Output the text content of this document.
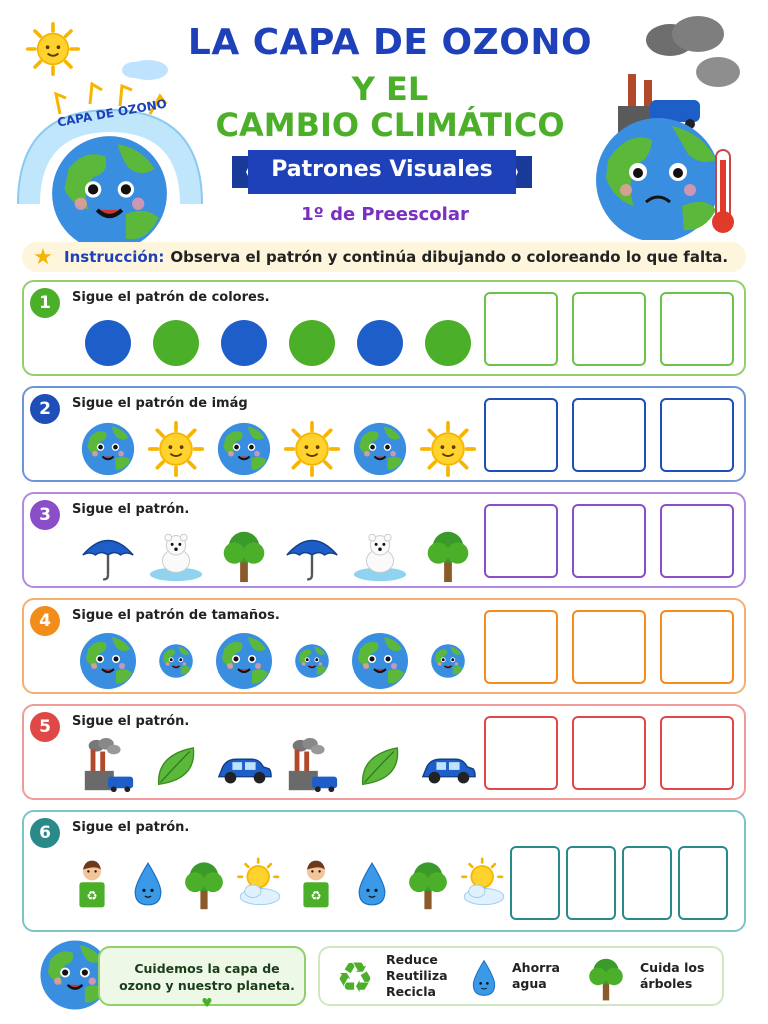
CAPA DE OZONO
LA CAPA DE OZONO
Y EL
CAMBIO CLIMÁTICO
Patrones Visuales
1º de Preescolar
★ Instrucción: Observa el patrón y continúa dibujando o coloreando lo que falta.
1	Sigue el patrón de colores.
2	Sigue el patrón de imág
3	Sigue el patrón.
4	Sigue el patrón de tamaños.
5	Sigue el patrón.
6	Sigue el patrón.
Cuidemos la capa de ozono y nuestro planeta. ♥
♻ Reduce
Reutiliza
Recicla
Ahorra
agua
Cuida los
árboles
